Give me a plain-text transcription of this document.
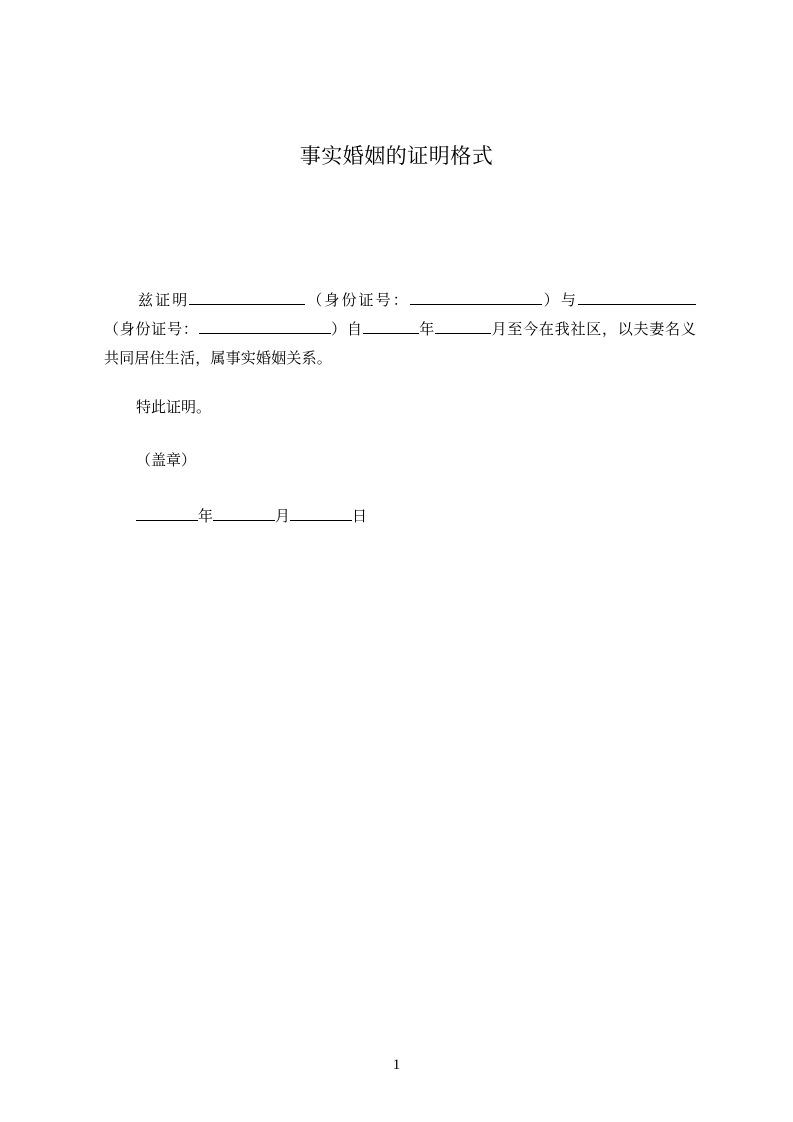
事实婚姻的证明格式
兹证明	（身份证号：	）与（身份证号：	）自	年	月至今在我社区，以夫妻名义共同居住生活，属事实婚姻关系。
特此证明。
（盖章）
年	月	日
1
